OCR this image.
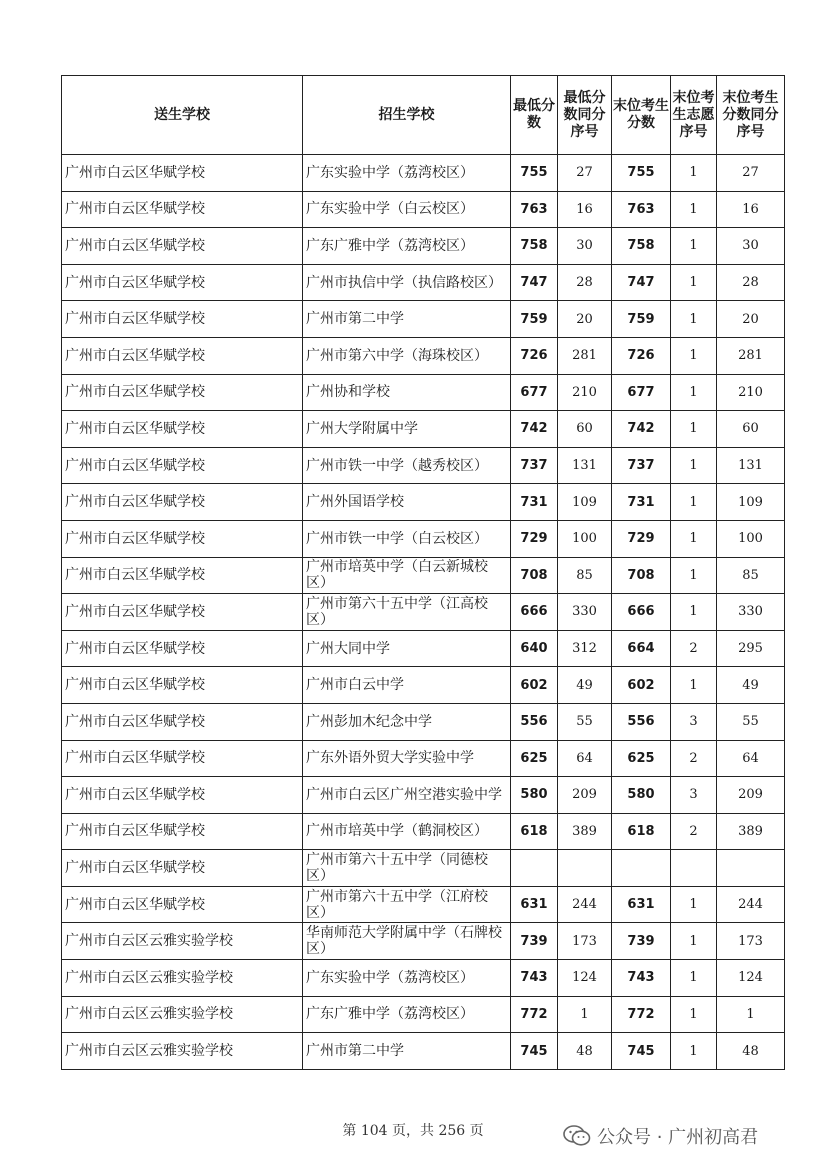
送生学校	招生学校	最低分数	最低分数同分序号	末位考生分数	末位考生志愿序号	末位考生分数同分序号
广州市白云区华赋学校	广东实验中学（荔湾校区）	755	27	755	1	27
广州市白云区华赋学校	广东实验中学（白云校区）	763	16	763	1	16
广州市白云区华赋学校	广东广雅中学（荔湾校区）	758	30	758	1	30
广州市白云区华赋学校	广州市执信中学（执信路校区）	747	28	747	1	28
广州市白云区华赋学校	广州市第二中学	759	20	759	1	20
广州市白云区华赋学校	广州市第六中学（海珠校区）	726	281	726	1	281
广州市白云区华赋学校	广州协和学校	677	210	677	1	210
广州市白云区华赋学校	广州大学附属中学	742	60	742	1	60
广州市白云区华赋学校	广州市铁一中学（越秀校区）	737	131	737	1	131
广州市白云区华赋学校	广州外国语学校	731	109	731	1	109
广州市白云区华赋学校	广州市铁一中学（白云校区）	729	100	729	1	100
广州市白云区华赋学校	广州市培英中学（白云新城校区）	708	85	708	1	85
广州市白云区华赋学校	广州市第六十五中学（江高校区）	666	330	666	1	330
广州市白云区华赋学校	广州大同中学	640	312	664	2	295
广州市白云区华赋学校	广州市白云中学	602	49	602	1	49
广州市白云区华赋学校	广州彭加木纪念中学	556	55	556	3	55
广州市白云区华赋学校	广东外语外贸大学实验中学	625	64	625	2	64
广州市白云区华赋学校	广州市白云区广州空港实验中学	580	209	580	3	209
广州市白云区华赋学校	广州市培英中学（鹤洞校区）	618	389	618	2	389
广州市白云区华赋学校	广州市第六十五中学（同德校区）					
广州市白云区华赋学校	广州市第六十五中学（江府校区）	631	244	631	1	244
广州市白云区云雅实验学校	华南师范大学附属中学（石牌校区）	739	173	739	1	173
广州市白云区云雅实验学校	广东实验中学（荔湾校区）	743	124	743	1	124
广州市白云区云雅实验学校	广东广雅中学（荔湾校区）	772	1	772	1	1
广州市白云区云雅实验学校	广州市第二中学	745	48	745	1	48
第 104 页，共 256 页	公众号 · 广州初高君
